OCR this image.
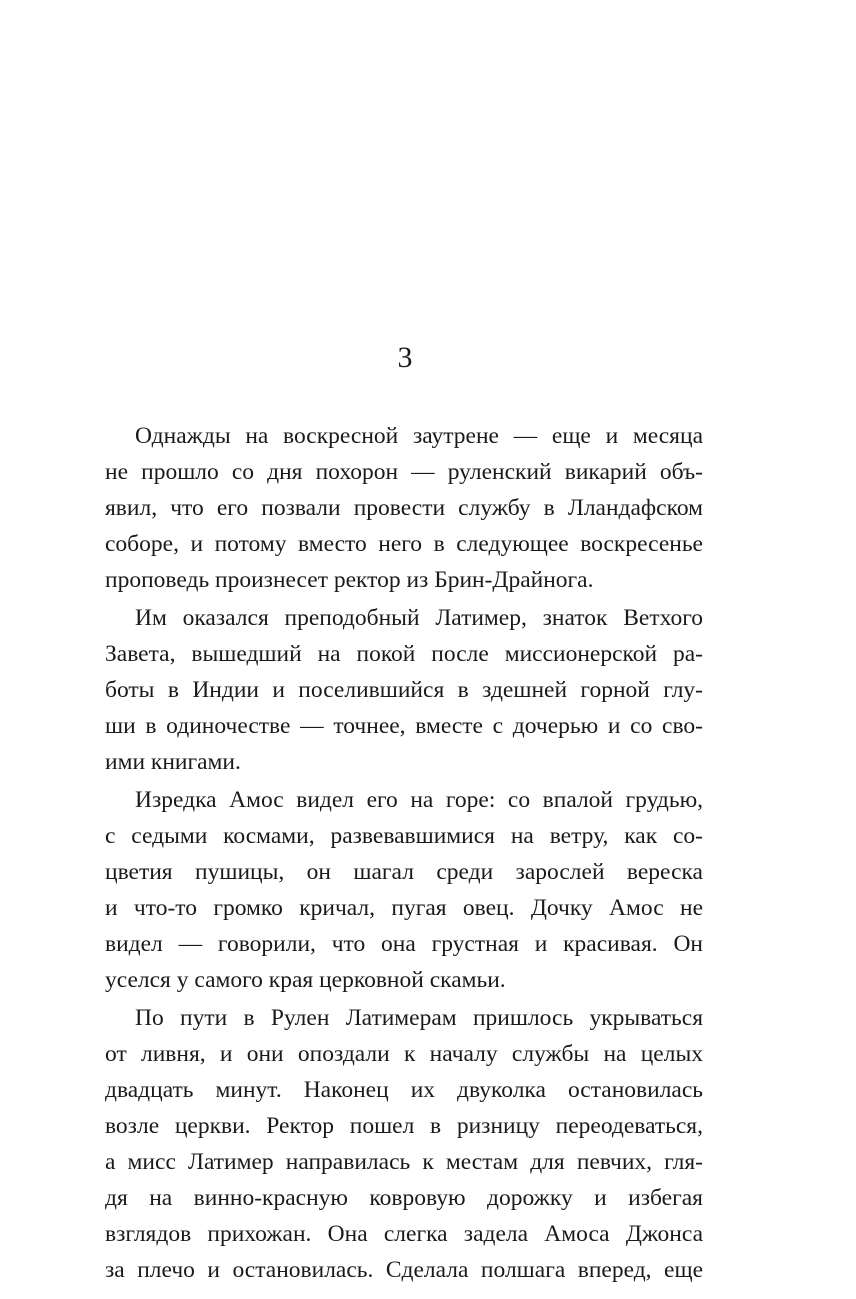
3
Однажды на воскресной заутрене — еще и месяца
не прошло со дня похорон — руленский викарий объ-
явил, что его позвали провести службу в Лландафском
соборе, и потому вместо него в следующее воскресенье
проповедь произнесет ректор из Брин-Драйнога.
Им оказался преподобный Латимер, знаток Ветхого
Завета, вышедший на покой после миссионерской ра-
боты в Индии и поселившийся в здешней горной глу-
ши в одиночестве — точнее, вместе с дочерью и со сво-
ими книгами.
Изредка Амос видел его на горе: со впалой грудью,
с седыми космами, развевавшимися на ветру, как со-
цветия пушицы, он шагал среди зарослей вереска
и что-то громко кричал, пугая овец. Дочку Амос не
видел — говорили, что она грустная и красивая. Он
уселся у самого края церковной скамьи.
По пути в Рулен Латимерам пришлось укрываться
от ливня, и они опоздали к началу службы на целых
двадцать минут. Наконец их двуколка остановилась
возле церкви. Ректор пошел в ризницу переодеваться,
а мисс Латимер направилась к местам для певчих, гля-
дя на винно-красную ковровую дорожку и избегая
взглядов прихожан. Она слегка задела Амоса Джонса
за плечо и остановилась. Сделала полшага вперед, еще
